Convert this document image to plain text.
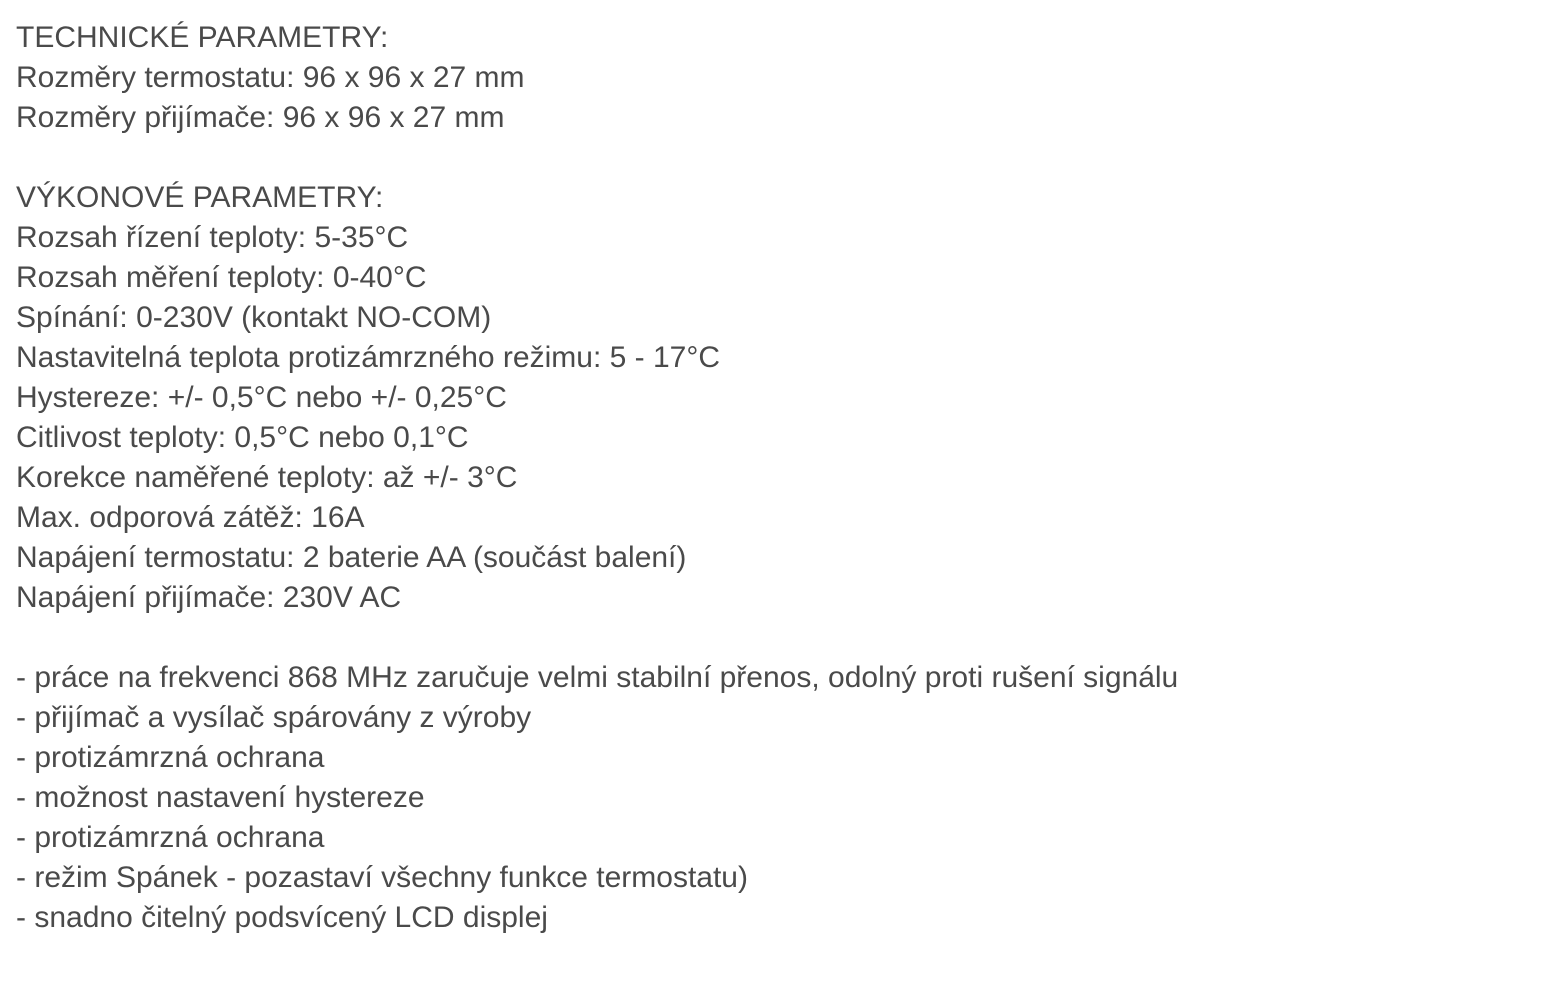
TECHNICKÉ PARAMETRY:
Rozměry termostatu: 96 x 96 x 27 mm
Rozměry přijímače: 96 x 96 x 27 mm
VÝKONOVÉ PARAMETRY:
Rozsah řízení teploty: 5-35°C
Rozsah měření teploty: 0-40°C
Spínání: 0-230V (kontakt NO-COM)
Nastavitelná teplota protizámrzného režimu: 5 - 17°C
Hystereze: +/- 0,5°C nebo +/- 0,25°C
Citlivost teploty: 0,5°C nebo 0,1°C
Korekce naměřené teploty: až +/- 3°C
Max. odporová zátěž: 16A
Napájení termostatu: 2 baterie AA (součást balení)
Napájení přijímače: 230V AC
- práce na frekvenci 868 MHz zaručuje velmi stabilní přenos, odolný proti rušení signálu
- přijímač a vysílač spárovány z výroby
- protizámrzná ochrana
- možnost nastavení hystereze
- protizámrzná ochrana
- režim Spánek - pozastaví všechny funkce termostatu)
- snadno čitelný podsvícený LCD displej
